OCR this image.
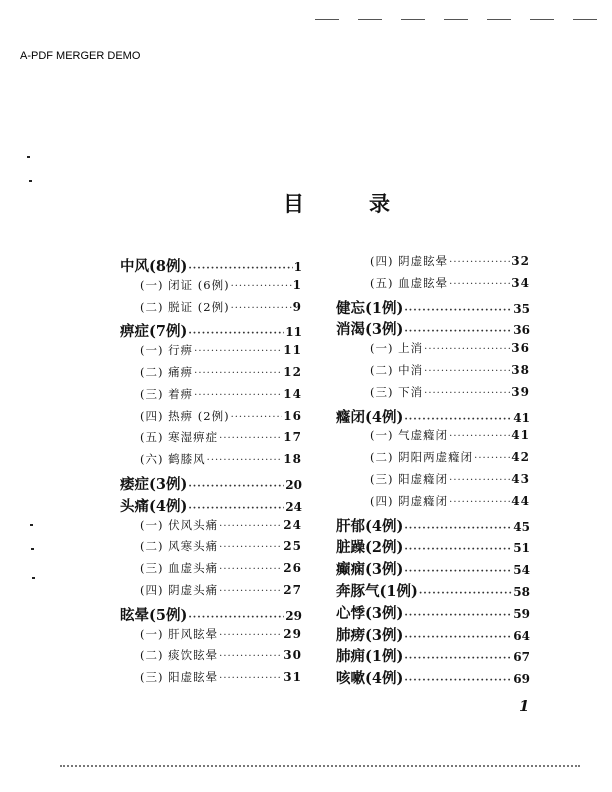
A-PDF MERGER DEMO
目	录
中风(8例) ·····	1
(一) 闭证 (6例) ·····	1
(二) 脱证 (2例) ·····	9
痹症(7例) ·····	11
(一) 行痹 ·····	11
(二) 痛痹 ·····	12
(三) 着痹 ·····	14
(四) 热痹 (2例) ·····	16
(五) 寒湿痹症 ·····	17
(六) 鹤膝风 ·····	18
痿症(3例) ·····	20
头痛(4例) ·····	24
(一) 伏风头痛 ·····	24
(二) 风寒头痛 ·····	25
(三) 血虚头痛 ·····	26
(四) 阴虚头痛 ·····	27
眩晕(5例) ·····	29
(一) 肝风眩晕 ·····	29
(二) 痰饮眩晕 ·····	30
(三) 阳虚眩晕 ·····	31
(四) 阴虚眩晕 ·····	32
(五) 血虚眩晕 ·····	34
健忘(1例) ·····	35
消渴(3例) ·····	36
(一) 上消 ·····	36
(二) 中消 ·····	38
(三) 下消 ·····	39
癃闭(4例) ·····	41
(一) 气虚癃闭 ·····	41
(二) 阴阳两虚癃闭 ·····	42
(三) 阳虚癃闭 ·····	43
(四) 阴虚癃闭 ·····	44
肝郁(4例) ·····	45
脏躁(2例) ·····	51
癫痫(3例) ·····	54
奔豚气(1例) ·····	58
心悸(3例) ·····	59
肺痨(3例) ·····	64
肺痈(1例) ·····	67
咳嗽(4例) ·····	69
1
